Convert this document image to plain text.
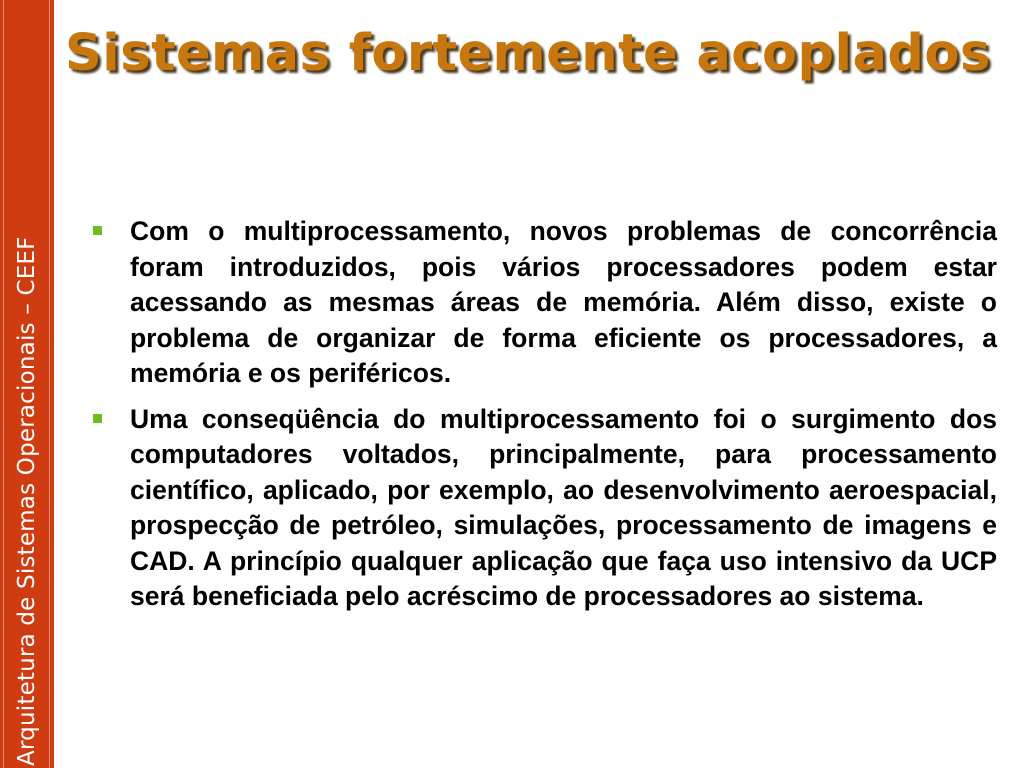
Arquitetura de Sistemas Operacionais – CEEF
Sistemas fortemente acoplados
Com o multiprocessamento, novos problemas de concorrência foram introduzidos, pois vários processadores podem estar acessando as mesmas áreas de memória. Além disso, existe o problema de organizar de forma eficiente os processadores, a memória e os periféricos.
Uma conseqüência do multiprocessamento foi o surgimento dos computadores voltados, principalmente, para processamento científico, aplicado, por exemplo, ao desenvolvimento aeroespacial, prospecção de petróleo, simulações, processamento de imagens e CAD. A princípio qualquer aplicação que faça uso intensivo da UCP será beneficiada pelo acréscimo de processadores ao sistema.
